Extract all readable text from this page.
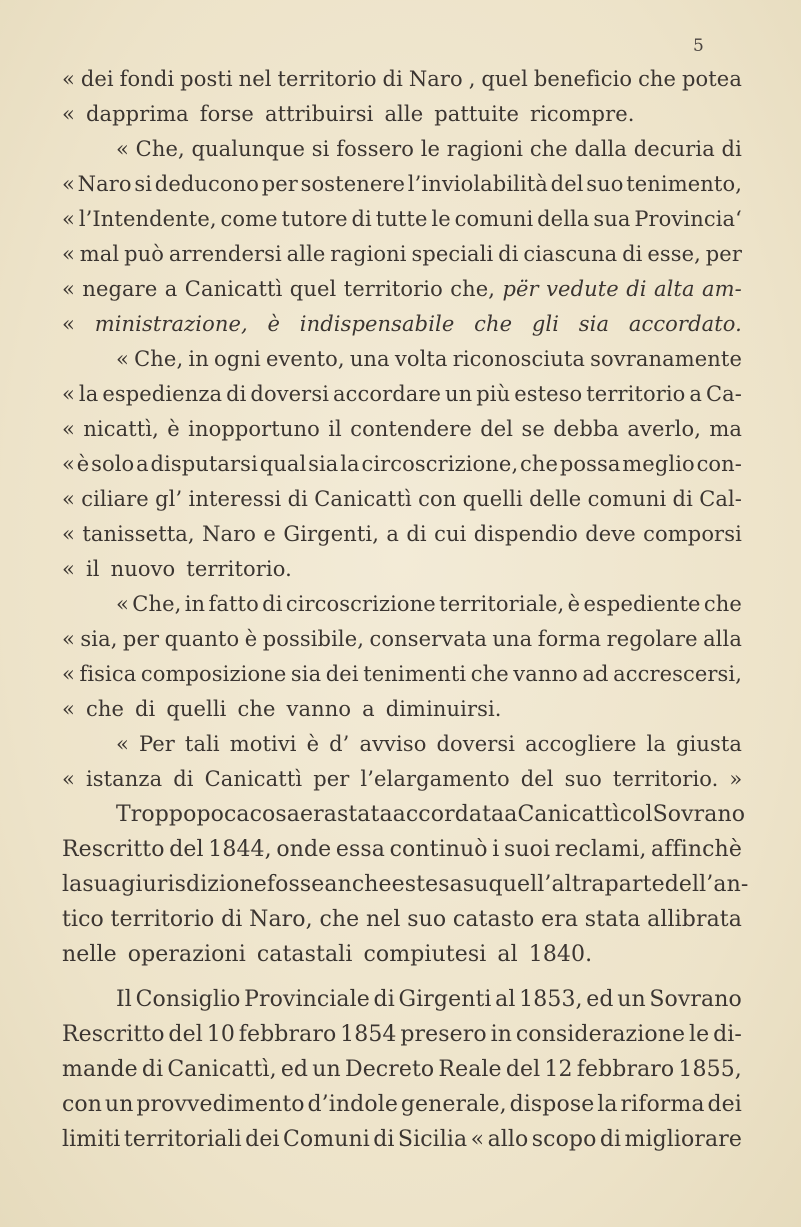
5
« dei fondi posti nel territorio di Naro , quel beneficio che potea
« dapprima forse attribuirsi alle pattuite ricompre.
« Che, qualunque si fossero le ragioni che dalla decuria di
« Naro si deducono per sostenere l’inviolabilità del suo tenimento,
« l’Intendente, come tutore di tutte le comuni della sua Provincia‘
« mal può arrendersi alle ragioni speciali di ciascuna di esse, per
« negare a Canicattì quel territorio che, për vedute di alta am-
« ministrazione, è indispensabile che gli sia accordato.
« Che, in ogni evento, una volta riconosciuta sovranamente
« la espedienza di doversi accordare un più esteso territorio a Ca-
« nicattì, è inopportuno il contendere del se debba averlo, ma
« è solo a disputarsi qual sia la circoscrizione, che possa meglio con-
« ciliare gl’ interessi di Canicattì con quelli delle comuni di Cal-
« tanissetta, Naro e Girgenti, a di cui dispendio deve comporsi
« il nuovo territorio.
« Che, in fatto di circoscrizione territoriale, è espediente che
« sia, per quanto è possibile, conservata una forma regolare alla
« fisica composizione sia dei tenimenti che vanno ad accrescersi,
« che di quelli che vanno a diminuirsi.
« Per tali motivi è d’ avviso doversi accogliere la giusta
« istanza di Canicattì per l’elargamento del suo territorio. »
Troppo poca cosa era stata accordata a Canicattì col Sovrano
Rescritto del 1844, onde essa continuò i suoi reclami, affinchè
la sua giurisdizione fosse anche estesa su quell’altra parte dell’an-
tico territorio di Naro, che nel suo catasto era stata allibrata
nelle operazioni catastali compiutesi al 1840.
Il Consiglio Provinciale di Girgenti al 1853, ed un Sovrano
Rescritto del 10 febbraro 1854 presero in considerazione le di-
mande di Canicattì, ed un Decreto Reale del 12 febbraro 1855,
con un provvedimento d’indole generale, dispose la riforma dei
limiti territoriali dei Comuni di Sicilia « allo scopo di migliorare
